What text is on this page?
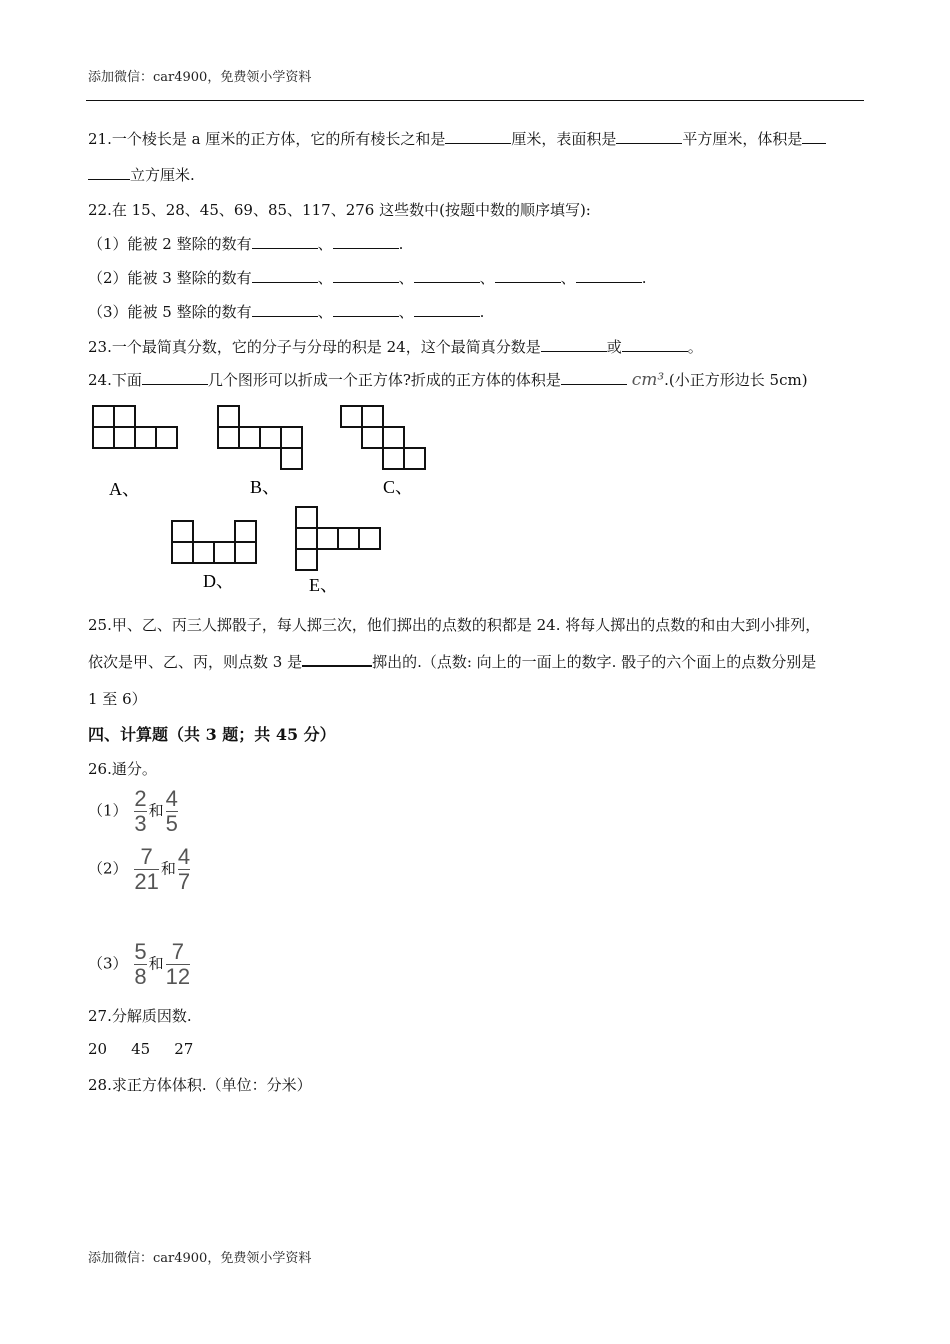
添加微信：car4900，免费领小学资料
21.一个棱长是 a 厘米的正方体，它的所有棱长之和是	厘米，表面积是	平方厘米，体积是
立方厘米.
22.在 15、28、45、69、85、117、276 这些数中(按题中数的顺序填写):
（1）能被 2 整除的数有	、	.
（2）能被 3 整除的数有	、	、	、	、	.
（3）能被 5 整除的数有	、	、	.
23.一个最简真分数，它的分子与分母的积是 24，这个最简真分数是	或	。
24.下面	几个图形可以折成一个正方体?折成的正方体的体积是	cm³.(小正方形边长 5cm)
A、	B、	C、
D、	E、
25.甲、乙、丙三人掷骰子，每人掷三次，他们掷出的点数的积都是 24. 将每人掷出的点数的和由大到小排列，
依次是甲、乙、丙，则点数 3 是	掷出的.（点数: 向上的一面上的数字. 骰子的六个面上的点数分别是
1 至 6）
四、计算题（共 3 题；共 45 分）
26.通分。
$(1) \frac{2}{3}$ 和 $\frac{4}{5}$
$(2) \frac{7}{21}$ 和 $\frac{4}{7}$
$(3) \frac{5}{8}$ 和 $\frac{7}{12}$
27.分解质因数.
20 45 27
28.求正方体体积.（单位：分米）
添加微信：car4900，免费领小学资料
